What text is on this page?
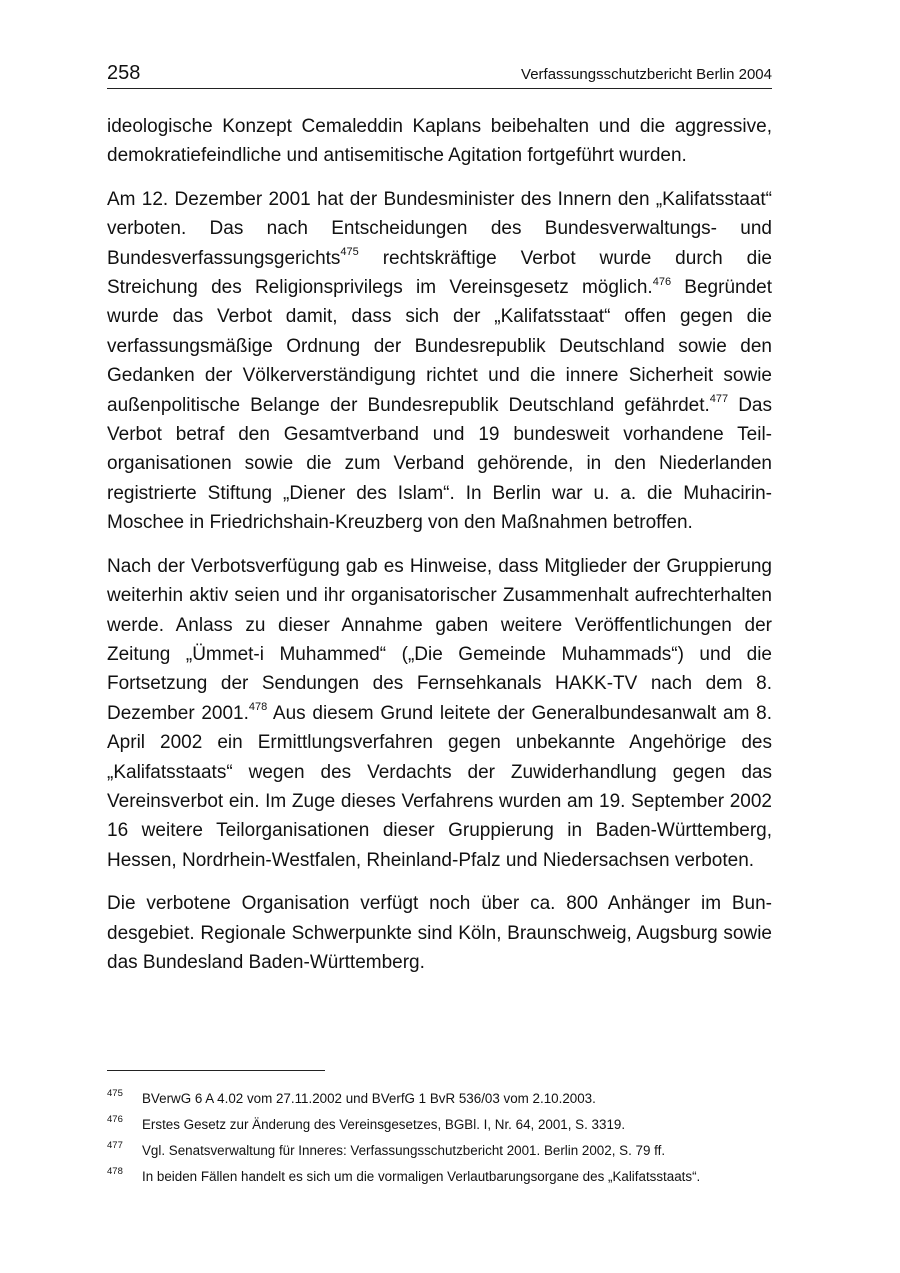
258	Verfassungsschutzbericht Berlin 2004

ideologische Konzept Cemaleddin Kaplans beibehalten und die aggressive, demokratiefeindliche und antisemitische Agitation fortgeführt wurden.

Am 12. Dezember 2001 hat der Bundesminister des Innern den „Kalifatsstaat“ verboten. Das nach Entscheidungen des Bundesverwaltungs- und Bundesverfassungsgerichts$^{475}$ rechtskräftige Verbot wurde durch die Streichung des Religionsprivilegs im Vereinsgesetz möglich.$^{476}$ Begründet wurde das Verbot damit, dass sich der „Kalifatsstaat“ offen gegen die verfassungsmäßige Ordnung der Bundesrepublik Deutschland sowie den Gedanken der Völkerverständigung richtet und die innere Sicherheit sowie außenpolitische Belange der Bundesrepublik Deutschland gefährdet.$^{477}$ Das Verbot betraf den Gesamtverband und 19 bundesweit vorhandene Teilorganisationen sowie die zum Verband gehörende, in den Niederlanden registrierte Stiftung „Diener des Islam“. In Berlin war u. a. die Muhacirin-Moschee in Friedrichshain-Kreuzberg von den Maßnahmen betroffen.

Nach der Verbotsverfügung gab es Hinweise, dass Mitglieder der Gruppierung weiterhin aktiv seien und ihr organisatorischer Zusammenhalt aufrechterhalten werde. Anlass zu dieser Annahme gaben weitere Veröffentlichungen der Zeitung „Ümmet-i Muhammed“ („Die Gemeinde Muhammads“) und die Fortsetzung der Sendungen des Fernsehkanals HAKK-TV nach dem 8. Dezember 2001.$^{478}$ Aus diesem Grund leitete der Generalbundesanwalt am 8. April 2002 ein Ermittlungsverfahren gegen unbekannte Angehörige des „Kalifatsstaats“ wegen des Verdachts der Zuwiderhandlung gegen das Vereinsverbot ein. Im Zuge dieses Verfahrens wurden am 19. September 2002 16 weitere Teilorganisationen dieser Gruppierung in Baden-Württemberg, Hessen, Nordrhein-Westfalen, Rheinland-Pfalz und Niedersachsen verboten.

Die verbotene Organisation verfügt noch über ca. 800 Anhänger im Bundesgebiet. Regionale Schwerpunkte sind Köln, Braunschweig, Augsburg sowie das Bundesland Baden-Württemberg.

475 BVerwG 6 A 4.02 vom 27.11.2002 und BVerfG 1 BvR 536/03 vom 2.10.2003.
476 Erstes Gesetz zur Änderung des Vereinsgesetzes, BGBl. I, Nr. 64, 2001, S. 3319.
477 Vgl. Senatsverwaltung für Inneres: Verfassungsschutzbericht 2001. Berlin 2002, S. 79 ff.
478 In beiden Fällen handelt es sich um die vormaligen Verlautbarungsorgane des „Kalifatsstaats“.
